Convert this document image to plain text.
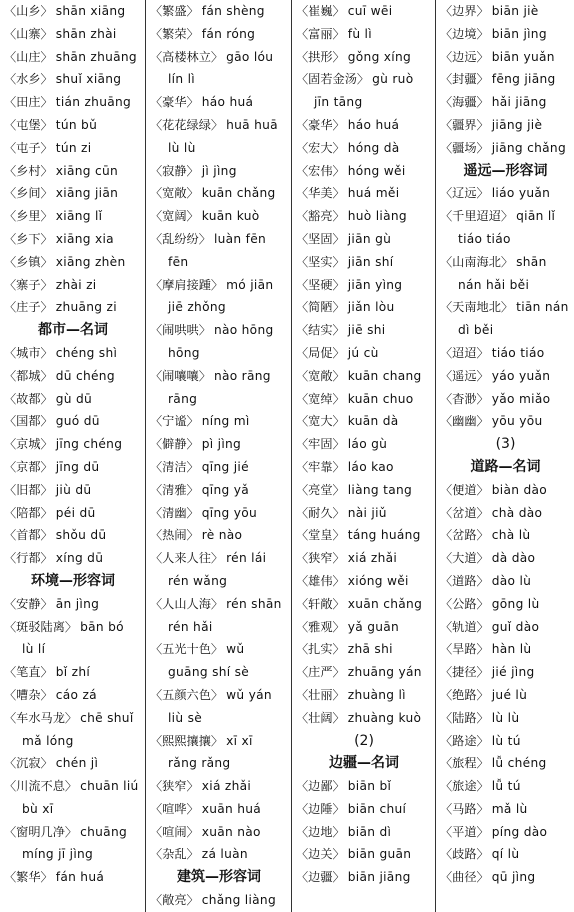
〈山乡〉 shān xiāng
〈山寨〉 shān zhài
〈山庄〉 shān zhuāng
〈水乡〉 shuǐ xiāng
〈田庄〉 tián zhuāng
〈屯堡〉 tún bǔ
〈屯子〉 tún zi
〈乡村〉 xiāng cūn
〈乡间〉 xiāng jiān
〈乡里〉 xiāng lǐ
〈乡下〉 xiāng xia
〈乡镇〉 xiāng zhèn
〈寨子〉 zhài zi
〈庄子〉 zhuāng zi
都市—名词
〈城市〉 chéng shì
〈都城〉 dū chéng
〈故都〉 gù dū
〈国都〉 guó dū
〈京城〉 jīng chéng
〈京都〉 jīng dū
〈旧都〉 jiù dū
〈陪都〉 péi dū
〈首都〉 shǒu dū
〈行都〉 xíng dū
环境—形容词
〈安静〉 ān jìng
〈斑驳陆离〉 bān bó
lù lí
〈笔直〉 bǐ zhí
〈嘈杂〉 cáo zá
〈车水马龙〉 chē shuǐ
mǎ lóng
〈沉寂〉 chén jì
〈川流不息〉 chuān liú
bù xī
〈窗明几净〉 chuāng
míng jī jìng
〈繁华〉 fán huá
〈繁盛〉 fán shèng
〈繁荣〉 fán róng
〈高楼林立〉 gāo lóu
lín lì
〈豪华〉 háo huá
〈花花绿绿〉 huā huā
lù lù
〈寂静〉 jì jìng
〈宽敞〉 kuān chǎng
〈宽阔〉 kuān kuò
〈乱纷纷〉 luàn fēn
fēn
〈摩肩接踵〉 mó jiān
jiē zhǒng
〈闹哄哄〉 nào hōng
hōng
〈闹嚷嚷〉 nào rāng
rāng
〈宁谧〉 níng mì
〈僻静〉 pì jìng
〈清洁〉 qīng jié
〈清雅〉 qīng yǎ
〈清幽〉 qīng yōu
〈热闹〉 rè nào
〈人来人往〉 rén lái
rén wǎng
〈人山人海〉 rén shān
rén hǎi
〈五光十色〉 wǔ
guāng shí sè
〈五颜六色〉 wǔ yán
liù sè
〈熙熙攘攘〉 xī xī
rǎng rǎng
〈狭窄〉 xiá zhǎi
〈喧哗〉 xuān huá
〈喧闹〉 xuān nào
〈杂乱〉 zá luàn
建筑—形容词
〈敞亮〉 chǎng liàng
〈崔巍〉 cuī wēi
〈富丽〉 fù lì
〈拱形〉 gǒng xíng
〈固若金汤〉 gù ruò
jīn tāng
〈豪华〉 háo huá
〈宏大〉 hóng dà
〈宏伟〉 hóng wěi
〈华美〉 huá měi
〈豁亮〉 huò liàng
〈坚固〉 jiān gù
〈坚实〉 jiān shí
〈坚硬〉 jiān yìng
〈简陋〉 jiǎn lòu
〈结实〉 jiē shi
〈局促〉 jú cù
〈宽敞〉 kuān chang
〈宽绰〉 kuān chuo
〈宽大〉 kuān dà
〈牢固〉 láo gù
〈牢靠〉 láo kao
〈亮堂〉 liàng tang
〈耐久〉 nài jiǔ
〈堂皇〉 táng huáng
〈狭窄〉 xiá zhǎi
〈雄伟〉 xióng wěi
〈轩敞〉 xuān chǎng
〈雅观〉 yǎ guān
〈扎实〉 zhā shi
〈庄严〉 zhuāng yán
〈壮丽〉 zhuàng lì
〈壮阔〉 zhuàng kuò
(2)
边疆—名词
〈边鄙〉 biān bǐ
〈边陲〉 biān chuí
〈边地〉 biān dì
〈边关〉 biān guān
〈边疆〉 biān jiāng
〈边界〉 biān jiè
〈边境〉 biān jìng
〈边远〉 biān yuǎn
〈封疆〉 fēng jiāng
〈海疆〉 hǎi jiāng
〈疆界〉 jiāng jiè
〈疆场〉 jiāng chǎng
遥远—形容词
〈辽远〉 liáo yuǎn
〈千里迢迢〉 qiān lǐ
tiáo tiáo
〈山南海北〉 shān
nán hǎi běi
〈天南地北〉 tiān nán
dì běi
〈迢迢〉 tiáo tiáo
〈遥远〉 yáo yuǎn
〈杳渺〉 yǎo miǎo
〈幽幽〉 yōu yōu
(3)
道路—名词
〈便道〉 biàn dào
〈岔道〉 chà dào
〈岔路〉 chà lù
〈大道〉 dà dào
〈道路〉 dào lù
〈公路〉 gōng lù
〈轨道〉 guǐ dào
〈旱路〉 hàn lù
〈捷径〉 jié jìng
〈绝路〉 jué lù
〈陆路〉 lù lù
〈路途〉 lù tú
〈旅程〉 lǚ chéng
〈旅途〉 lǚ tú
〈马路〉 mǎ lù
〈平道〉 píng dào
〈歧路〉 qí lù
〈曲径〉 qū jìng
